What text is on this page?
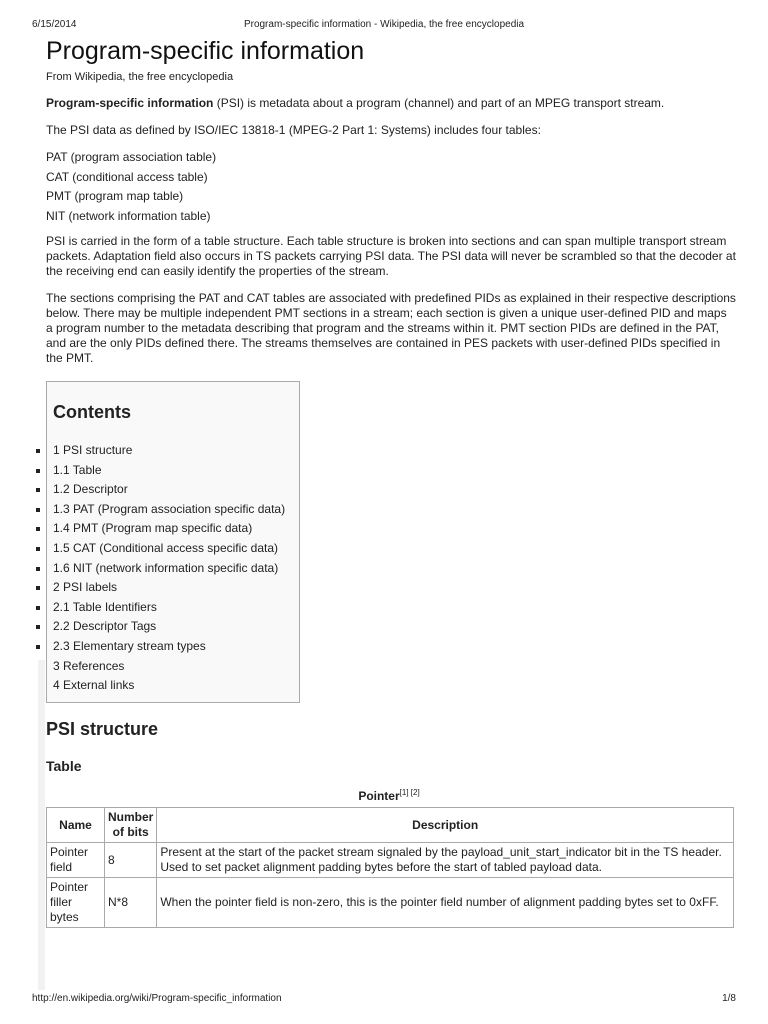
6/15/2014	Program-specific information - Wikipedia, the free encyclopedia
Program-specific information
From Wikipedia, the free encyclopedia

Program-specific information (PSI) is metadata about a program (channel) and part of an MPEG transport stream.

The PSI data as defined by ISO/IEC 13818-1 (MPEG-2 Part 1: Systems) includes four tables:

PAT (program association table)
CAT (conditional access table)
PMT (program map table)
NIT (network information table)

PSI is carried in the form of a table structure. Each table structure is broken into sections and can span multiple transport stream packets. Adaptation field also occurs in TS packets carrying PSI data. The PSI data will never be scrambled so that the decoder at the receiving end can easily identify the properties of the stream.

The sections comprising the PAT and CAT tables are associated with predefined PIDs as explained in their respective descriptions below. There may be multiple independent PMT sections in a stream; each section is given a unique user-defined PID and maps a program number to the metadata describing that program and the streams within it. PMT section PIDs are defined in the PAT, and are the only PIDs defined there. The streams themselves are contained in PES packets with user-defined PIDs specified in the PMT.

Contents
1 PSI structure
1.1 Table
1.2 Descriptor
1.3 PAT (Program association specific data)
1.4 PMT (Program map specific data)
1.5 CAT (Conditional access specific data)
1.6 NIT (network information specific data)
2 PSI labels
2.1 Table Identifiers
2.2 Descriptor Tags
2.3 Elementary stream types
3 References
4 External links
PSI structure
Table
Pointer[1] [2]
Name	Number of bits	Description
Pointer field	8	Present at the start of the packet stream signaled by the payload_unit_start_indicator bit in the TS header. Used to set packet alignment padding bytes before the start of tabled payload data.
Pointer filler bytes	N*8	When the pointer field is non-zero, this is the pointer field number of alignment padding bytes set to 0xFF.
http://en.wikipedia.org/wiki/Program-specific_information	1/8
